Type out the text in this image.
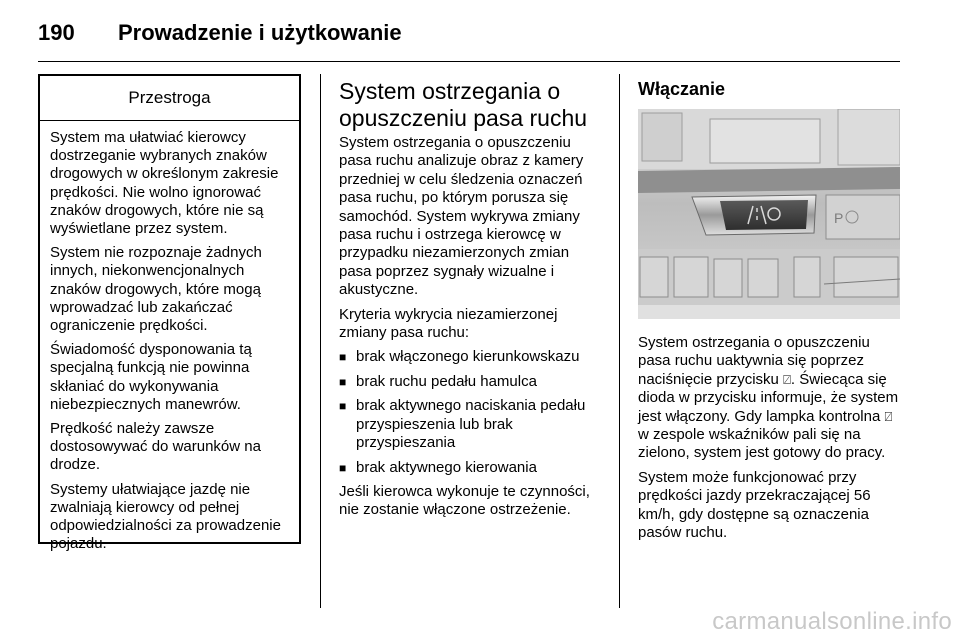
190 Prowadzenie i użytkowanie
Przestroga

System ma ułatwiać kierowcy dostrzeganie wybranych znaków drogowych w określonym zakresie prędkości. Nie wolno ignorować znaków drogowych, które nie są wyświetlane przez system.

System nie rozpoznaje żadnych innych, niekonwencjonalnych znaków drogowych, które mogą wprowadzać lub zakańczać ograniczenie prędkości.

Świadomość dysponowania tą specjalną funkcją nie powinna skłaniać do wykonywania niebezpiecznych manewrów.

Prędkość należy zawsze dostosowywać do warunków na drodze.

Systemy ułatwiające jazdę nie zwalniają kierowcy od pełnej odpowiedzialności za prowadzenie pojazdu.

System ostrzegania o opuszczeniu pasa ruchu

System ostrzegania o opuszczeniu pasa ruchu analizuje obraz z kamery przedniej w celu śledzenia oznaczeń pasa ruchu, po którym porusza się samochód. System wykrywa zmiany pasa ruchu i ostrzega kierowcę w przypadku niezamierzonych zmian pasa poprzez sygnały wizualne i akustyczne.

Kryteria wykrycia niezamierzonej zmiany pasa ruchu:

■ brak włączonego kierunkowskazu
■ brak ruchu pedału hamulca
■ brak aktywnego naciskania pedału przyspieszenia lub brak przyspieszania
■ brak aktywnego kierowania

Jeśli kierowca wykonuje te czynności, nie zostanie włączone ostrzeżenie.

Włączanie
P

System ostrzegania o opuszczeniu pasa ruchu uaktywnia się poprzez naciśnięcie przycisku ⍁. Świecąca się dioda w przycisku informuje, że system jest włączony. Gdy lampka kontrolna ⍁ w zespole wskaźników pali się na zielono, system jest gotowy do pracy.

System może funkcjonować przy prędkości jazdy przekraczającej 56 km/h, gdy dostępne są oznaczenia pasów ruchu.

carmanualsonline.info
